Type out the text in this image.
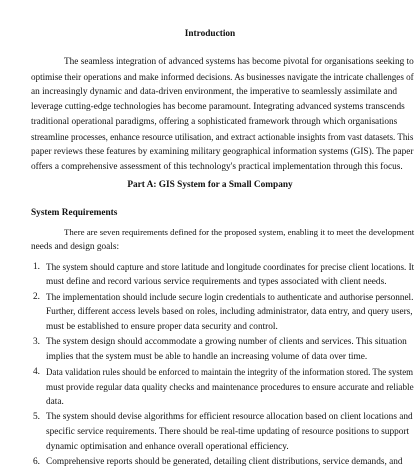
Introduction
The seamless integration of advanced systems has become pivotal for organisations seeking to
optimise their operations and make informed decisions. As businesses navigate the intricate challenges of
an increasingly dynamic and data-driven environment, the imperative to seamlessly assimilate and
leverage cutting-edge technologies has become paramount. Integrating advanced systems transcends
traditional operational paradigms, offering a sophisticated framework through which organisations
streamline processes, enhance resource utilisation, and extract actionable insights from vast datasets. This
paper reviews these features by examining military geographical information systems (GIS). The paper
offers a comprehensive assessment of this technology's practical implementation through this focus.
Part A: GIS System for a Small Company
System Requirements
There are seven requirements defined for the proposed system, enabling it to meet the development
needs and design goals:
1. The system should capture and store latitude and longitude coordinates for precise client locations. It
must define and record various service requirements and types associated with client needs.
2. The implementation should include secure login credentials to authenticate and authorise personnel.
Further, different access levels based on roles, including administrator, data entry, and query users,
must be established to ensure proper data security and control.
3. The system design should accommodate a growing number of clients and services. This situation
implies that the system must be able to handle an increasing volume of data over time.
4. Data validation rules should be enforced to maintain the integrity of the information stored. The system
must provide regular data quality checks and maintenance procedures to ensure accurate and reliable
data.
5. The system should devise algorithms for efficient resource allocation based on client locations and
specific service requirements. There should be real-time updating of resource positions to support
dynamic optimisation and enhance overall operational efficiency.
6. Comprehensive reports should be generated, detailing client distributions, service demands, and
